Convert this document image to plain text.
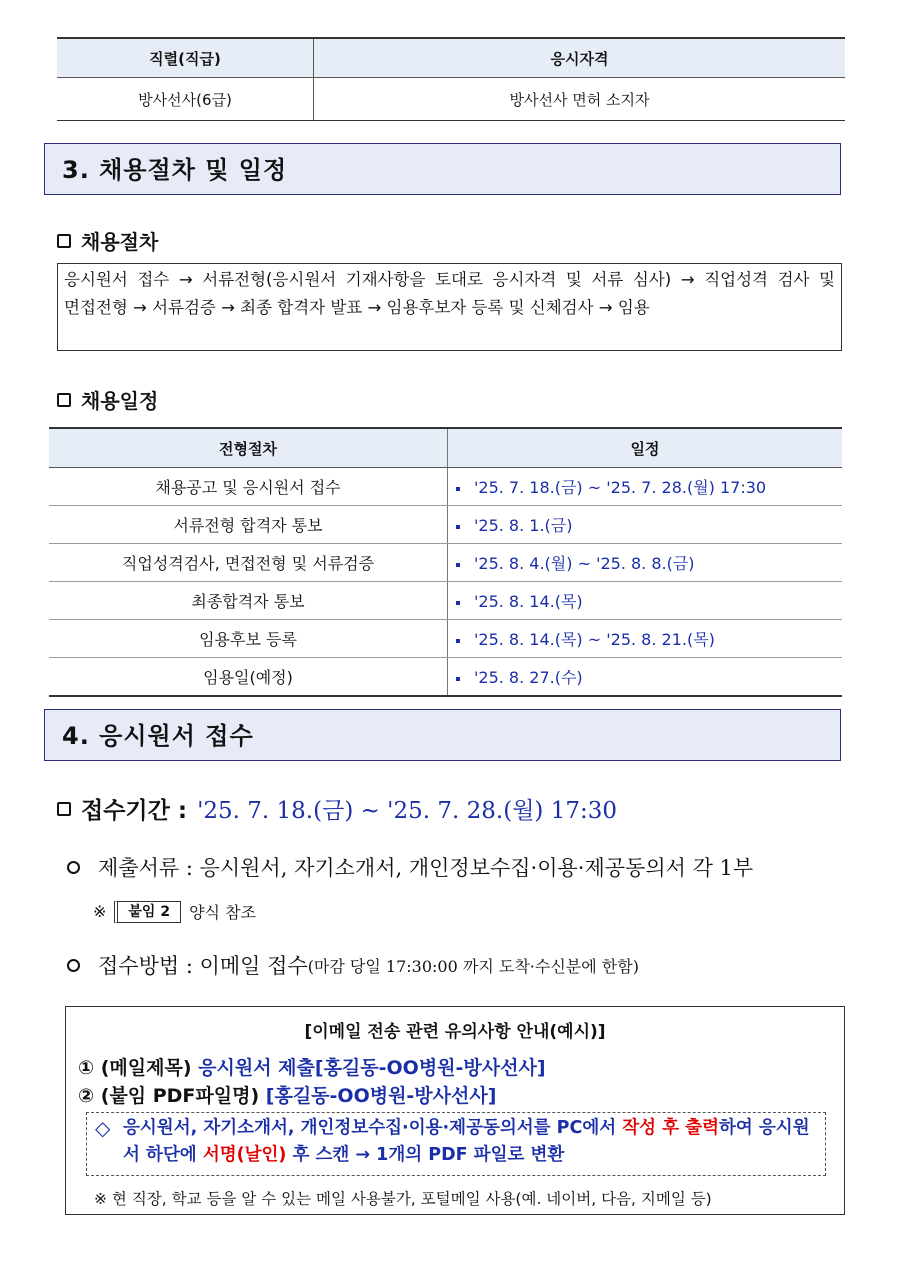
직렬(직급)	응시자격
방사선사(6급)	방사선사 면허 소지자
3. 채용절차 및 일정
채용절차
응시원서 접수 → 서류전형(응시원서 기재사항을 토대로 응시자격 및 서류 심사) → 직업성격 검사 및 면접전형 → 서류검증 → 최종 합격자 발표 → 임용후보자 등록 및 신체검사 → 임용
채용일정
전형절차	일정
채용공고 및 응시원서 접수	'25. 7. 18.(금) ~ '25. 7. 28.(월) 17:30
서류전형 합격자 통보	'25. 8. 1.(금)
직업성격검사, 면접전형 및 서류검증	'25. 8. 4.(월) ~ '25. 8. 8.(금)
최종합격자 통보	'25. 8. 14.(목)
임용후보 등록	'25. 8. 14.(목) ~ '25. 8. 21.(목)
임용일(예정)	'25. 8. 27.(수)
4. 응시원서 접수
접수기간 : '25. 7. 18.(금) ~ '25. 7. 28.(월) 17:30
제출서류 : 응시원서, 자기소개서, 개인정보수집·이용·제공동의서 각 1부
※	붙임 2	양식 참조
접수방법 : 이메일 접수 (마감 당일 17:30:00 까지 도착·수신분에 한함)
[이메일 전송 관련 유의사항 안내(예시)]
① (메일제목) 응시원서 제출[홍길동-OO병원-방사선사]
② (붙임 PDF파일명) [홍길동-OO병원-방사선사]
◇ 응시원서, 자기소개서, 개인정보수집·이용·제공동의서를 PC에서 작성 후 출력하여 응시원서 하단에 서명(날인) 후 스캔 → 1개의 PDF 파일로 변환
※ 현 직장, 학교 등을 알 수 있는 메일 사용불가, 포털메일 사용(예. 네이버, 다음, 지메일 등)
